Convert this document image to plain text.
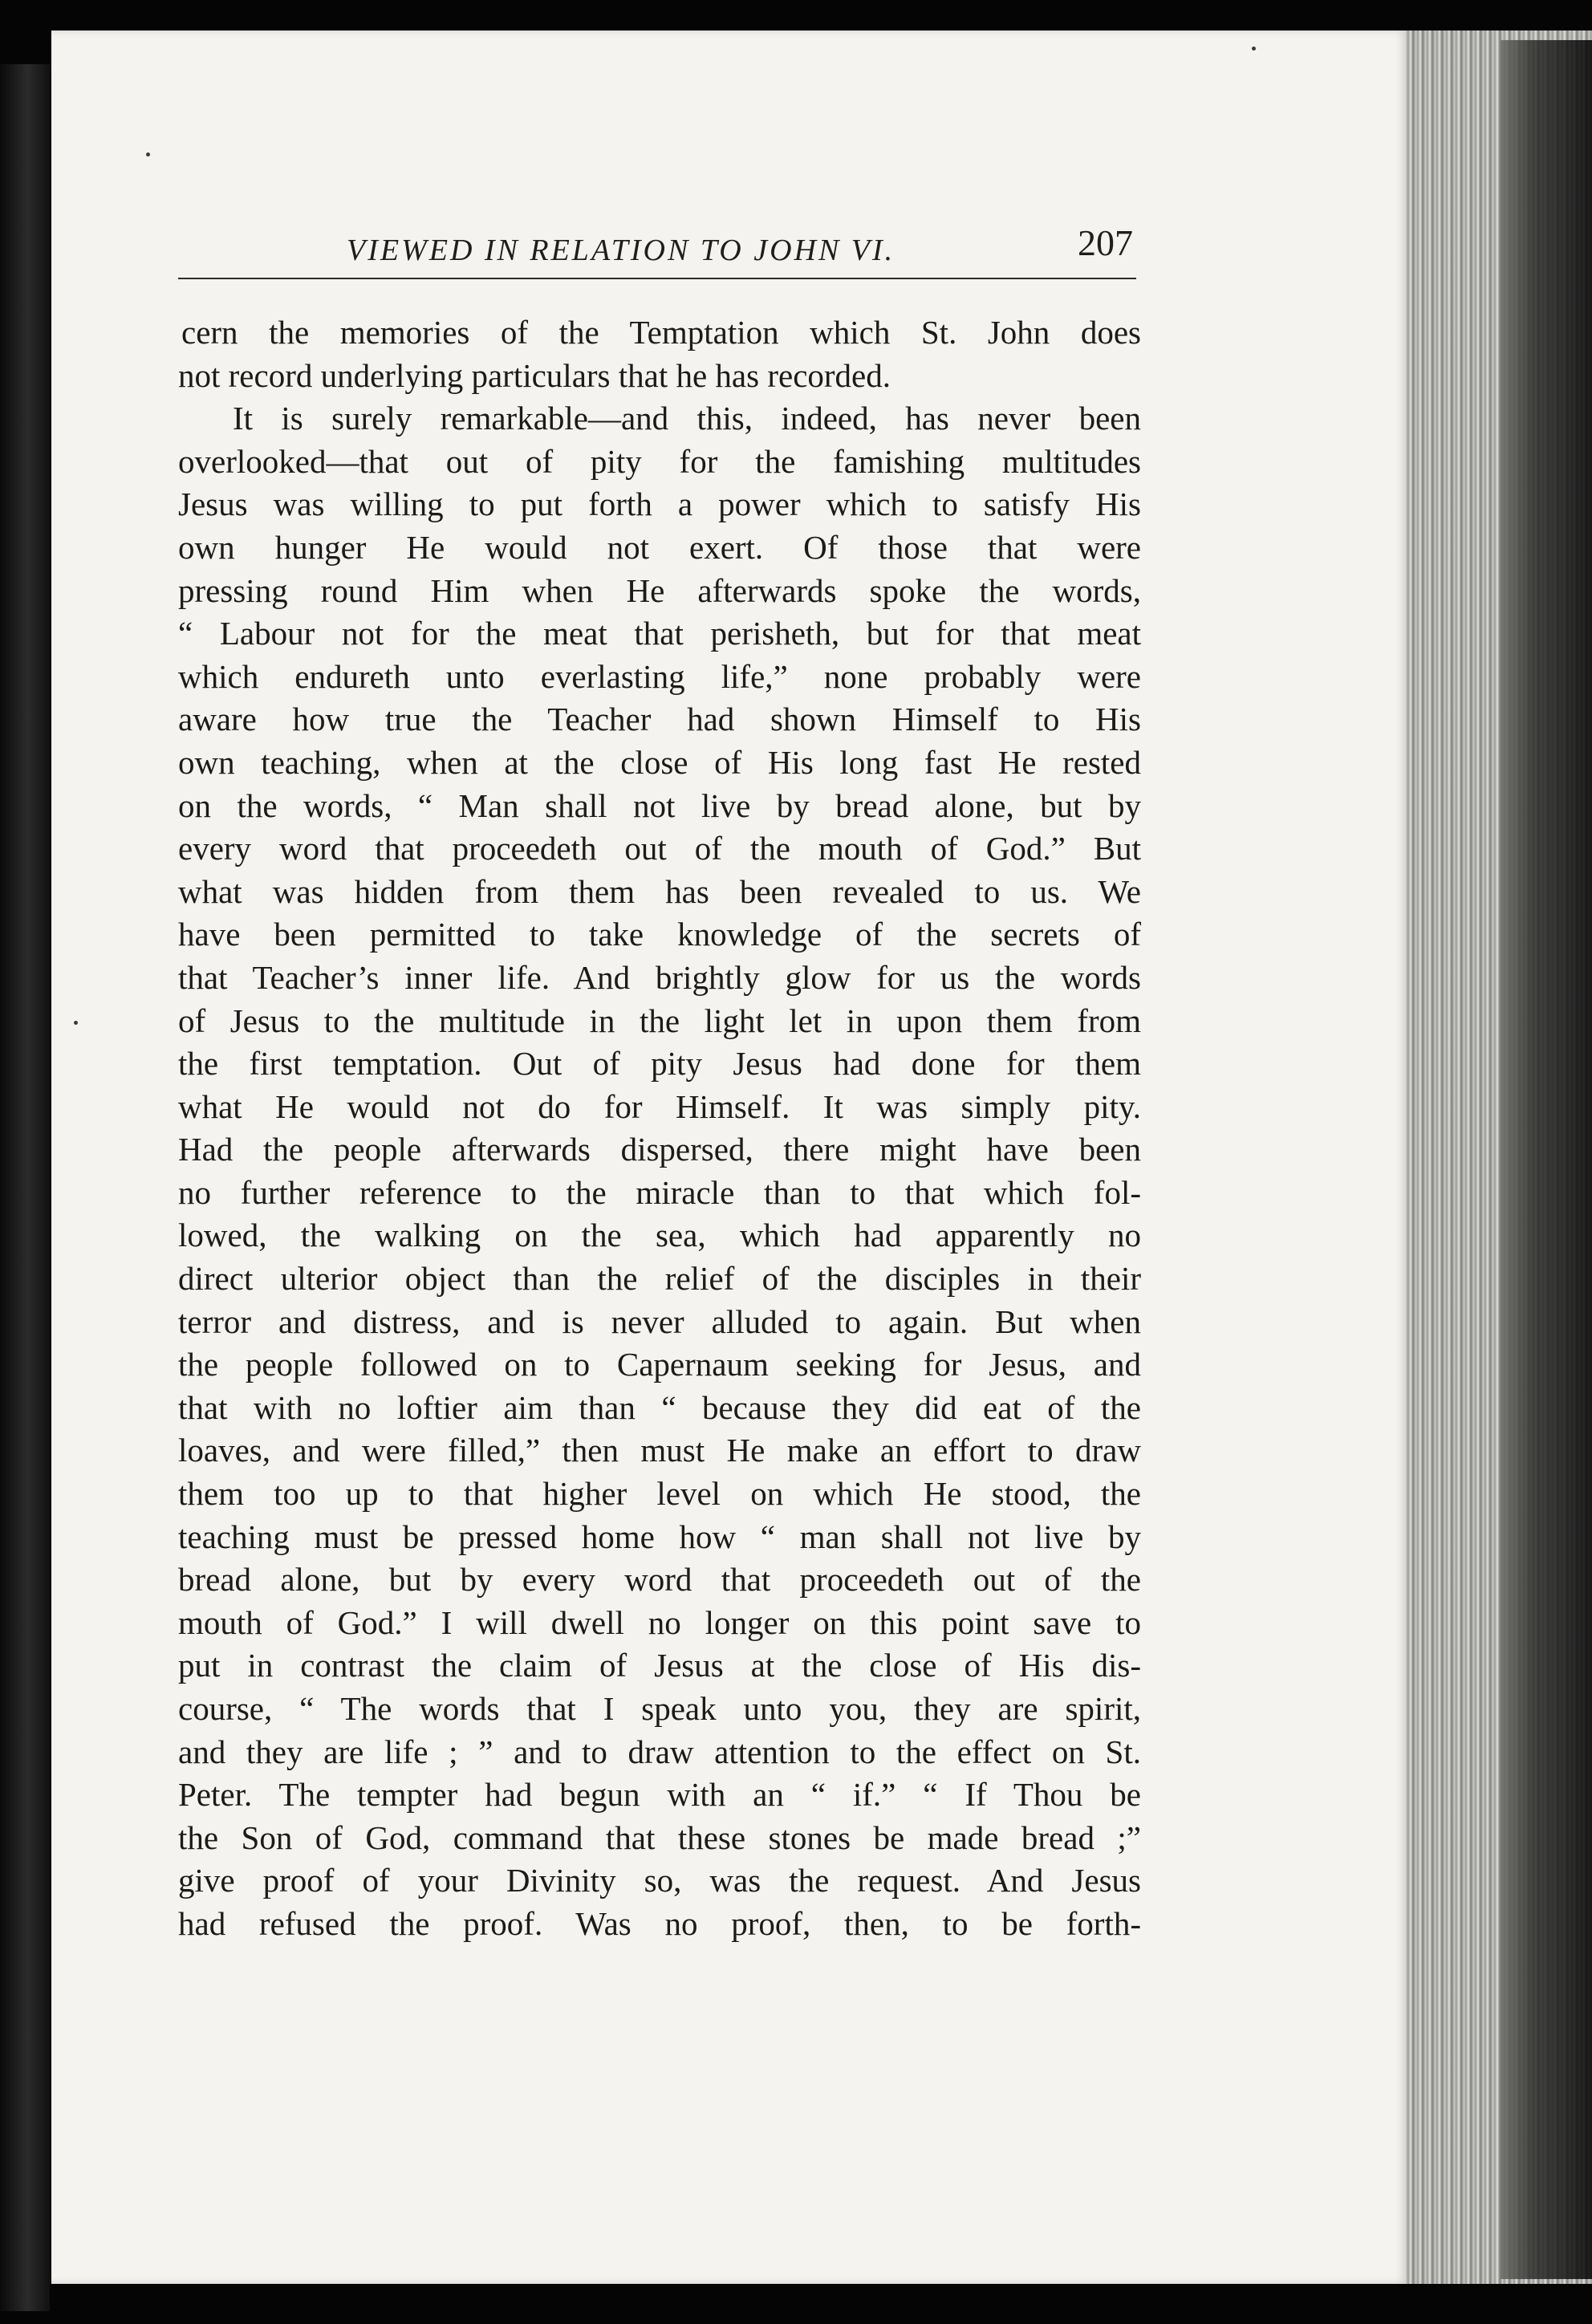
VIEWED IN RELATION TO JOHN VI.	207
cern the memories of the Temptation which St. John does
not record underlying particulars that he has recorded.
It is surely remarkable—and this, indeed, has never been
overlooked—that out of pity for the famishing multitudes
Jesus was willing to put forth a power which to satisfy His
own hunger He would not exert. Of those that were
pressing round Him when He afterwards spoke the words,
“ Labour not for the meat that perisheth, but for that meat
which endureth unto everlasting life,” none probably were
aware how true the Teacher had shown Himself to His
own teaching, when at the close of His long fast He rested
on the words, “ Man shall not live by bread alone, but by
every word that proceedeth out of the mouth of God.” But
what was hidden from them has been revealed to us. We
have been permitted to take knowledge of the secrets of
that Teacher’s inner life. And brightly glow for us the words
of Jesus to the multitude in the light let in upon them from
the first temptation. Out of pity Jesus had done for them
what He would not do for Himself. It was simply pity.
Had the people afterwards dispersed, there might have been
no further reference to the miracle than to that which fol-
lowed, the walking on the sea, which had apparently no
direct ulterior object than the relief of the disciples in their
terror and distress, and is never alluded to again. But when
the people followed on to Capernaum seeking for Jesus, and
that with no loftier aim than “ because they did eat of the
loaves, and were filled,” then must He make an effort to draw
them too up to that higher level on which He stood, the
teaching must be pressed home how “ man shall not live by
bread alone, but by every word that proceedeth out of the
mouth of God.” I will dwell no longer on this point save to
put in contrast the claim of Jesus at the close of His dis-
course, “ The words that I speak unto you, they are spirit,
and they are life ; ” and to draw attention to the effect on St.
Peter. The tempter had begun with an “ if.” “ If Thou be
the Son of God, command that these stones be made bread ;”
give proof of your Divinity so, was the request. And Jesus
had refused the proof. Was no proof, then, to be forth-
